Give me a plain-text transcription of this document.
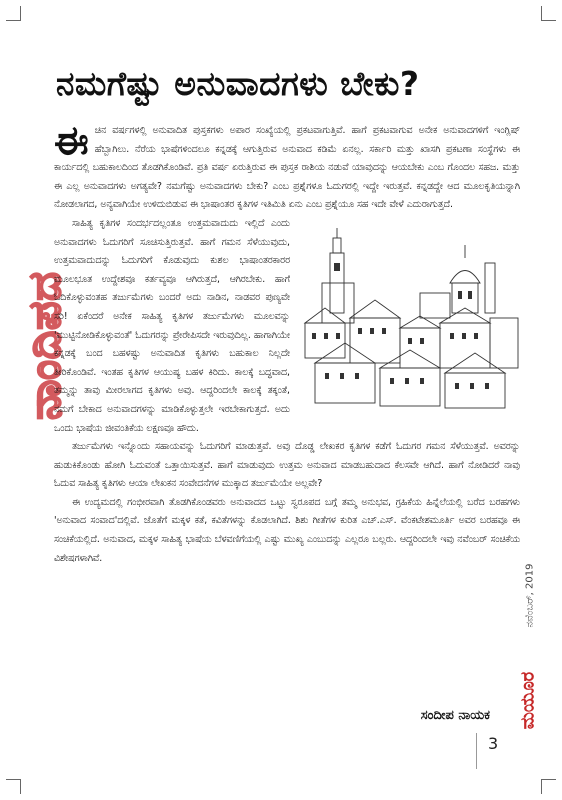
ನಮಗೆಷ್ಟು ಅನುವಾದಗಳು ಬೇಕು?
ನಾಂದಿಪದ

ಈ ಚಿನ ವರ್ಷಗಳಲ್ಲಿ ಅನುವಾದಿತ ಪುಸ್ತಕಗಳು ಅಪಾರ ಸಂಖ್ಯೆಯಲ್ಲಿ ಪ್ರಕಟವಾಗುತ್ತಿವೆ. ಹಾಗೆ ಪ್ರಕಟವಾಗುವ ಅನೇಕ ಅನುವಾದಗಳಿಗೆ ಇಂಗ್ಲಿಷ್ ಹೆಬ್ಬಾಗಿಲು. ನೆರೆಯ ಭಾಷೆಗಳಿಂದಲೂ ಕನ್ನಡಕ್ಕೆ ಆಗುತ್ತಿರುವ ಅನುವಾದ ಕಡಿಮೆ ಏನಲ್ಲ. ಸರ್ಕಾರಿ ಮತ್ತು ಖಾಸಗಿ ಪ್ರಕಟಣಾ ಸಂಸ್ಥೆಗಳು ಈ ಕಾರ್ಯದಲ್ಲಿ ಬಹುಕಾಲದಿಂದ ತೊಡಗಿಕೊಂಡಿವೆ. ಪ್ರತಿ ವರ್ಷ ಏರುತ್ತಿರುವ ಈ ಪುಸ್ತಕ ರಾಶಿಯ ನಡುವೆ ಯಾವುದನ್ನು ಆಯಬೇಕು ಎಂಬ ಗೊಂದಲ ಸಹಜ. ಮತ್ತು ಈ ಎಲ್ಲ ಅನುವಾದಗಳು ಅಗತ್ಯವೇ? ನಮಗೆಷ್ಟು ಅನುವಾದಗಳು ಬೇಕು? ಎಂಬ ಪ್ರಶ್ನೆಗಳೂ ಓದುಗರಲ್ಲಿ ಇದ್ದೇ ಇರುತ್ತವೆ. ಕನ್ನಡದ್ದೇ ಆದ ಮೂಲಕೃತಿಯನ್ನಾಗಿ ನೋಡಲಾಗದ, ಅನ್ಯವಾಗಿಯೇ ಉಳಿದುಬಿಡುವ ಈ ಭಾಷಾಂತರ ಕೃತಿಗಳ ಇತಿಮಿತಿ ಏನು ಎಂಬ ಪ್ರಶ್ನೆಯೂ ಸಹ ಇದೇ ವೇಳೆ ಎದುರಾಗುತ್ತದೆ.

ಸಾಹಿತ್ಯ ಕೃತಿಗಳ ಸಂದರ್ಭದಲ್ಲಂತೂ ಉತ್ತಮವಾದುದು ಇಲ್ಲಿದೆ ಎಂದು ಅನುವಾದಗಳು ಓದುಗರಿಗೆ ಸೂಚಿಸುತ್ತಿರುತ್ತವೆ. ಹಾಗೆ ಗಮನ ಸೆಳೆಯುವುದು, ಉತ್ತಮವಾದುದನ್ನು ಓದುಗರಿಗೆ ಕೊಡುವುದು ಕುಶಲ ಭಾಷಾಂತರಕಾರರ ಮೂಲಭೂತ ಉದ್ದೇಶವೂ ಕರ್ತವ್ಯವೂ ಆಗಿರುತ್ತದೆ, ಆಗಿರಬೇಕು. ಹಾಗೆ ಓದಿಕೊಳ್ಳುವಂತಹ ತರ್ಜುಮೆಗಳು ಬಂದರೆ ಅದು ನಾಡಿನ, ನಾಡವರ ಪುಣ್ಯವೇ ಸರಿ! ಏಕೆಂದರೆ ಅನೇಕ ಸಾಹಿತ್ಯ ಕೃತಿಗಳ ತರ್ಜುಮೆಗಳು ಮೂಲವನ್ನು 'ಮುಟ್ಟಿನೋಡಿಕೊಳ್ಳುವಂತೆ' ಓದುಗರನ್ನು ಪ್ರೇರೇಪಿಸದೇ ಇರುವುದಿಲ್ಲ. ಹಾಗಾಗಿಯೇ ಕನ್ನಡಕ್ಕೆ ಬಂದ ಬಹಳಷ್ಟು ಅನುವಾದಿತ ಕೃತಿಗಳು ಬಹುಕಾಲ ನಿಲ್ಲದೇ ತೀರಿಕೊಂಡಿವೆ. ಇಂತಹ ಕೃತಿಗಳ ಆಯುಷ್ಯ ಬಹಳ ಕಿರಿದು. ಕಾಲಕ್ಕೆ ಬದ್ಧವಾದ, ತಮ್ಮನ್ನು ತಾವು ಮೀರಲಾಗದ ಕೃತಿಗಳು ಅವು. ಆದ್ದರಿಂದಲೇ ಕಾಲಕ್ಕೆ ತಕ್ಕಂತೆ, ನಮಗೆ ಬೇಕಾದ ಅನುವಾದಗಳನ್ನು ಮಾಡಿಕೊಳ್ಳುತ್ತಲೇ ಇರಬೇಕಾಗುತ್ತದೆ. ಅದು ಒಂದು ಭಾಷೆಯ ಜೀವಂತಿಕೆಯ ಲಕ್ಷಣವೂ ಹೌದು.

ತರ್ಜುಮೆಗಳು ಇನ್ನೊಂದು ಸಹಾಯವನ್ನು ಓದುಗರಿಗೆ ಮಾಡುತ್ತವೆ. ಅವು ದೊಡ್ಡ ಲೇಖಕರ ಕೃತಿಗಳ ಕಡೆಗೆ ಓದುಗರ ಗಮನ ಸೆಳೆಯುತ್ತವೆ. ಅವರನ್ನು ಹುಡುಕಿಕೊಂಡು ಹೋಗಿ ಓದುವಂತೆ ಒತ್ತಾಯಿಸುತ್ತವೆ. ಹಾಗೆ ಮಾಡುವುದು ಉತ್ತಮ ಅನುವಾದ ಮಾಡಬಹುದಾದ ಕೆಲಸವೇ ಆಗಿದೆ. ಹಾಗೆ ನೋಡಿದರೆ ನಾವು ಓದುವ ಸಾಹಿತ್ಯ ಕೃತಿಗಳು ಆಯಾ ಲೇಖಕನ ಸಂವೇದನೆಗಳ ಮುಕ್ಕಾದ ತರ್ಜುಮೆಯೇ ಅಲ್ಲವೇ?

ಈ ಉದ್ಯಮದಲ್ಲಿ ಗಂಭೀರವಾಗಿ ತೊಡಗಿಕೊಂಡವರು ಅನುವಾದದ ಒಟ್ಟು ಸ್ವರೂಪದ ಬಗ್ಗೆ ತಮ್ಮ ಅನುಭವ, ಗ್ರಹಿಕೆಯ ಹಿನ್ನೆಲೆಯಲ್ಲಿ ಬರೆದ ಬರಹಗಳು 'ಅನುವಾದ ಸಂವಾದ'ದಲ್ಲಿವೆ. ಜೊತೆಗೆ ಮಕ್ಕಳ ಕತೆ, ಕವಿತೆಗಳನ್ನು ಕೊಡಲಾಗಿದೆ. ಶಿಶು ಗೀತೆಗಳ ಕುರಿತ ಎಚ್.ಎಸ್. ವೆಂಕಟೇಶಮೂರ್ತಿ ಅವರ ಬರಹವೂ ಈ ಸಂಚಿಕೆಯಲ್ಲಿದೆ. ಅನುವಾದ, ಮಕ್ಕಳ ಸಾಹಿತ್ಯ ಭಾಷೆಯ ಬೆಳವಣಿಗೆಯಲ್ಲಿ ಎಷ್ಟು ಮುಖ್ಯ ಎಂಬುದನ್ನು ಎಲ್ಲರೂ ಬಲ್ಲರು. ಆದ್ದರಿಂದಲೇ ಇವು ನವೆಂಬರ್ ಸಂಚಿಕೆಯ ವಿಶೇಷಗಳಾಗಿವೆ.

ಸಂದೀಪ ನಾಯಕ
ನವೆಂಬರ್, 2019
ಮಯೂರ
3
